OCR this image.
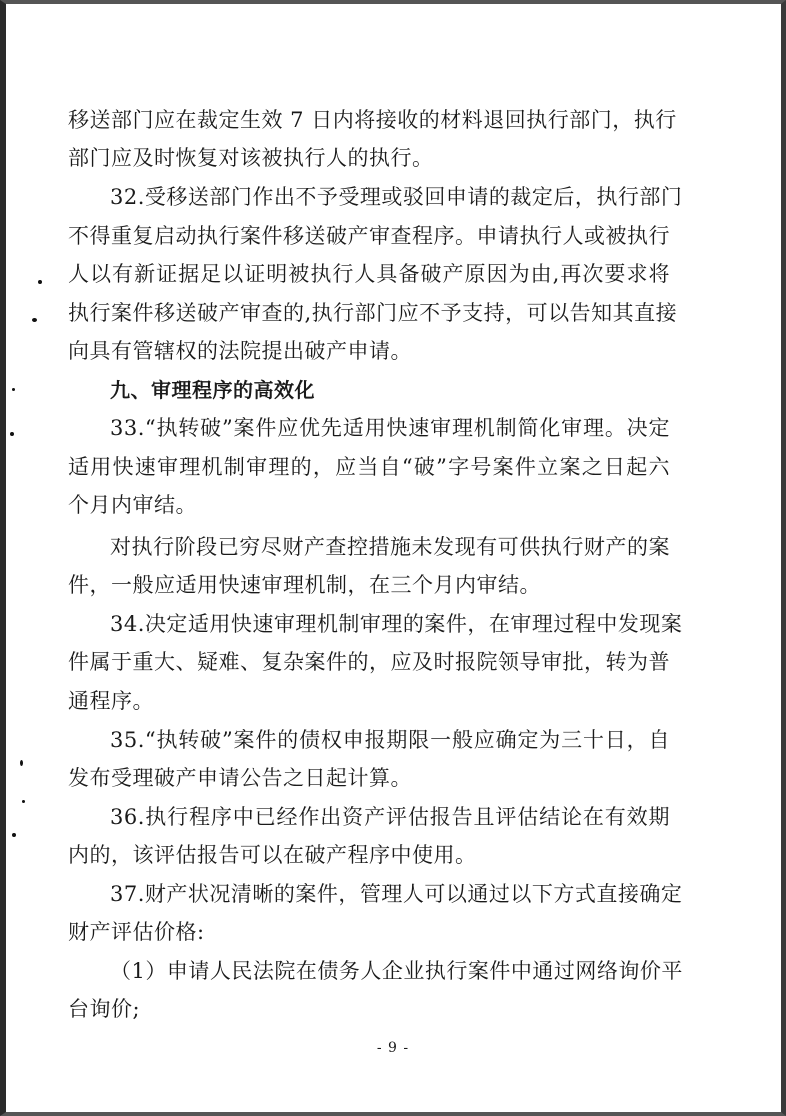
移送部门应在裁定生效 7 日内将接收的材料退回执行部门，执行
部门应及时恢复对该被执行人的执行。
32.受移送部门作出不予受理或驳回申请的裁定后，执行部门
不得重复启动执行案件移送破产审查程序。申请执行人或被执行
人以有新证据足以证明被执行人具备破产原因为由,再次要求将
执行案件移送破产审查的,执行部门应不予支持，可以告知其直接
向具有管辖权的法院提出破产申请。
九、审理程序的高效化
33.“执转破”案件应优先适用快速审理机制简化审理。决定
适用快速审理机制审理的，应当自“破”字号案件立案之日起六
个月内审结。
对执行阶段已穷尽财产查控措施未发现有可供执行财产的案
件，一般应适用快速审理机制，在三个月内审结。
34.决定适用快速审理机制审理的案件，在审理过程中发现案
件属于重大、疑难、复杂案件的，应及时报院领导审批，转为普
通程序。
35.“执转破”案件的债权申报期限一般应确定为三十日，自
发布受理破产申请公告之日起计算。
36.执行程序中已经作出资产评估报告且评估结论在有效期
内的，该评估报告可以在破产程序中使用。
37.财产状况清晰的案件，管理人可以通过以下方式直接确定
财产评估价格:
（1）申请人民法院在债务人企业执行案件中通过网络询价平
台询价;
- 9 -
